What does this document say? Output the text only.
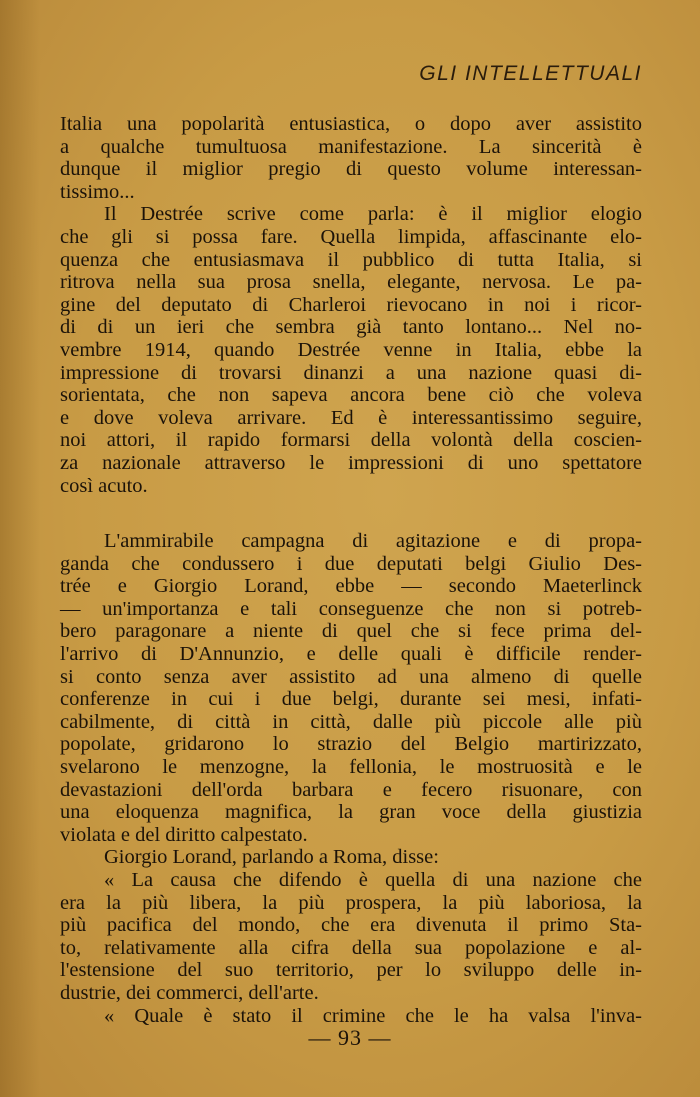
GLI INTELLETTUALI
Italia una popolarità entusiastica, o dopo aver assistito
a qualche tumultuosa manifestazione. La sincerità è
dunque il miglior pregio di questo volume interessan-
tissimo...
Il Destrée scrive come parla: è il miglior elogio
che gli si possa fare. Quella limpida, affascinante elo-
quenza che entusiasmava il pubblico di tutta Italia, si
ritrova nella sua prosa snella, elegante, nervosa. Le pa-
gine del deputato di Charleroi rievocano in noi i ricor-
di di un ieri che sembra già tanto lontano... Nel no-
vembre 1914, quando Destrée venne in Italia, ebbe la
impressione di trovarsi dinanzi a una nazione quasi di-
sorientata, che non sapeva ancora bene ciò che voleva
e dove voleva arrivare. Ed è interessantissimo seguire,
noi attori, il rapido formarsi della volontà della coscien-
za nazionale attraverso le impressioni di uno spettatore
così acuto.
L'ammirabile campagna di agitazione e di propa-
ganda che condussero i due deputati belgi Giulio Des-
trée e Giorgio Lorand, ebbe — secondo Maeterlinck
— un'importanza e tali conseguenze che non si potreb-
bero paragonare a niente di quel che si fece prima del-
l'arrivo di D'Annunzio, e delle quali è difficile render-
si conto senza aver assistito ad una almeno di quelle
conferenze in cui i due belgi, durante sei mesi, infati-
cabilmente, di città in città, dalle più piccole alle più
popolate, gridarono lo strazio del Belgio martirizzato,
svelarono le menzogne, la fellonia, le mostruosità e le
devastazioni dell'orda barbara e fecero risuonare, con
una eloquenza magnifica, la gran voce della giustizia
violata e del diritto calpestato.
Giorgio Lorand, parlando a Roma, disse:
« La causa che difendo è quella di una nazione che
era la più libera, la più prospera, la più laboriosa, la
più pacifica del mondo, che era divenuta il primo Sta-
to, relativamente alla cifra della sua popolazione e al-
l'estensione del suo territorio, per lo sviluppo delle in-
dustrie, dei commerci, dell'arte.
« Quale è stato il crimine che le ha valsa l'inva-
— 93 —
